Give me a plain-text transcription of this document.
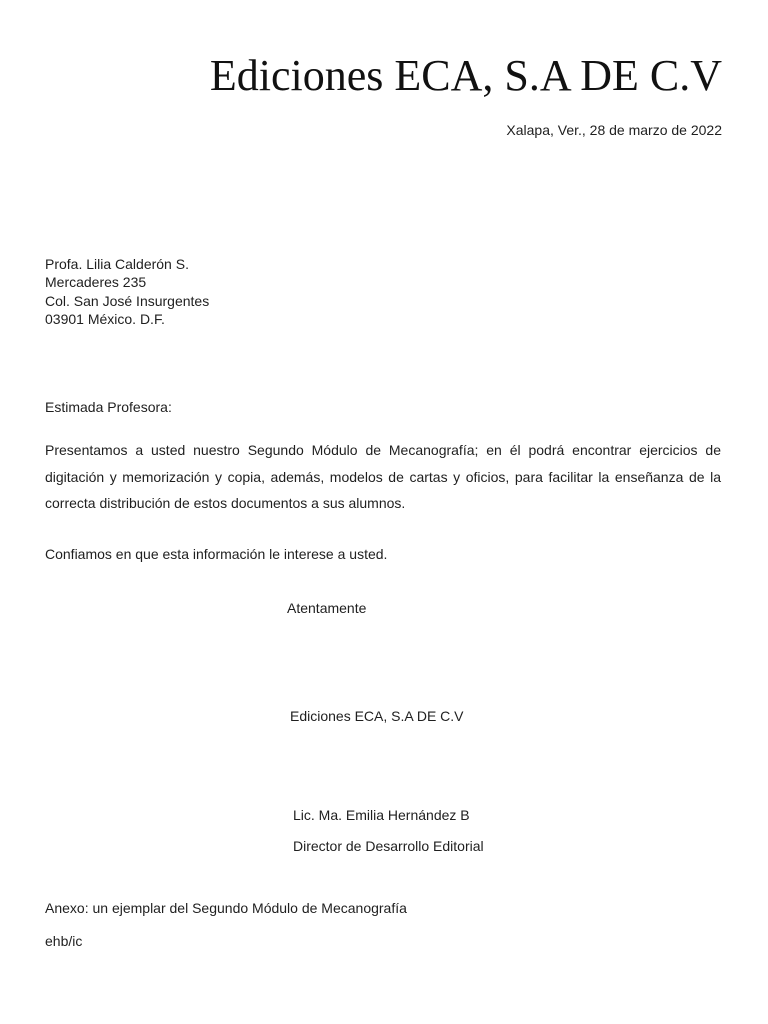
Ediciones ECA, S.A DE C.V
Xalapa, Ver., 28 de marzo de 2022
Profa. Lilia Calderón S.
Mercaderes 235
Col. San José Insurgentes
03901 México. D.F.
Estimada Profesora:
Presentamos a usted nuestro Segundo Módulo de Mecanografía; en él podrá encontrar ejercicios de digitación y memorización y copia, además, modelos de cartas y oficios, para facilitar la enseñanza de la correcta distribución de estos documentos a sus alumnos.
Confiamos en que esta información le interese a usted.
Atentamente
Ediciones ECA, S.A DE C.V
Lic. Ma. Emilia Hernández B
Director de Desarrollo Editorial
Anexo: un ejemplar del Segundo Módulo de Mecanografía
ehb/ic
